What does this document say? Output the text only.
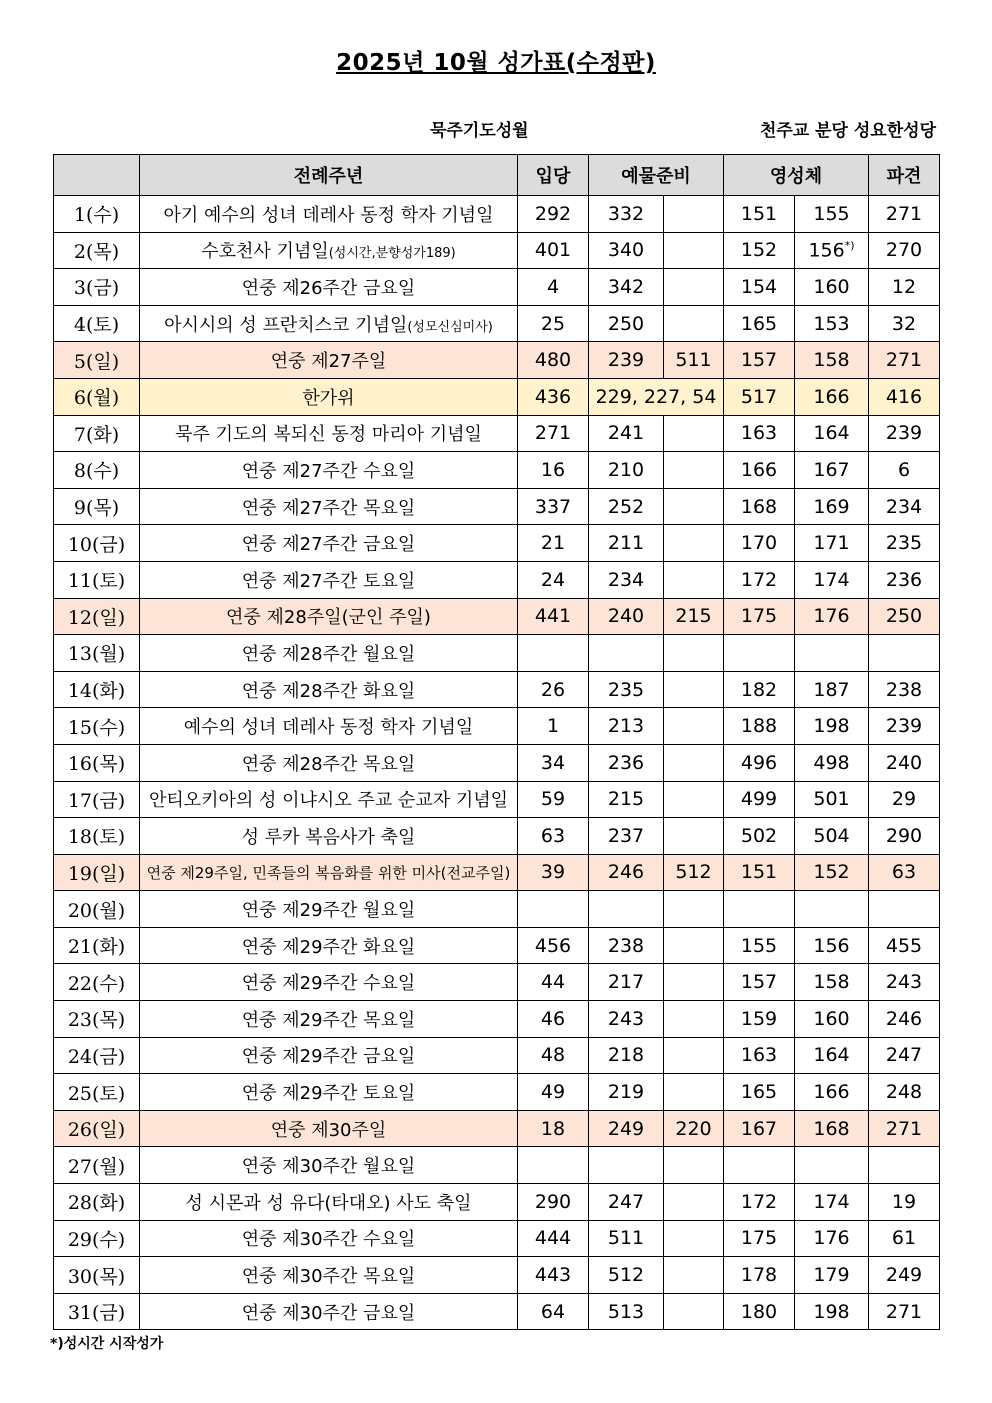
2025년 10월 성가표(수정판)
묵주기도성월	천주교 분당 성요한성당
	전례주년	입당	예물준비		영성체		파견
1(수)	아기 예수의 성녀 데레사 동정 학자 기념일	292	332		151	155	271
2(목)	수호천사 기념일(성시간,분향성가189)	401	340		152	156*)	270
3(금)	연중 제26주간 금요일	4	342		154	160	12
4(토)	아시시의 성 프란치스코 기념일(성모신심미사)	25	250		165	153	32
5(일)	연중 제27주일	480	239	511	157	158	271
6(월)	한가위	436	229, 227, 54		517	166	416
7(화)	묵주 기도의 복되신 동정 마리아 기념일	271	241		163	164	239
8(수)	연중 제27주간 수요일	16	210		166	167	6
9(목)	연중 제27주간 목요일	337	252		168	169	234
10(금)	연중 제27주간 금요일	21	211		170	171	235
11(토)	연중 제27주간 토요일	24	234		172	174	236
12(일)	연중 제28주일(군인 주일)	441	240	215	175	176	250
13(월)	연중 제28주간 월요일						
14(화)	연중 제28주간 화요일	26	235		182	187	238
15(수)	예수의 성녀 데레사 동정 학자 기념일	1	213		188	198	239
16(목)	연중 제28주간 목요일	34	236		496	498	240
17(금)	안티오키아의 성 이냐시오 주교 순교자 기념일	59	215		499	501	29
18(토)	성 루카 복음사가 축일	63	237		502	504	290
19(일)	연중 제29주일, 민족들의 복음화를 위한 미사(전교주일)	39	246	512	151	152	63
20(월)	연중 제29주간 월요일						
21(화)	연중 제29주간 화요일	456	238		155	156	455
22(수)	연중 제29주간 수요일	44	217		157	158	243
23(목)	연중 제29주간 목요일	46	243		159	160	246
24(금)	연중 제29주간 금요일	48	218		163	164	247
25(토)	연중 제29주간 토요일	49	219		165	166	248
26(일)	연중 제30주일	18	249	220	167	168	271
27(월)	연중 제30주간 월요일						
28(화)	성 시몬과 성 유다(타대오) 사도 축일	290	247		172	174	19
29(수)	연중 제30주간 수요일	444	511		175	176	61
30(목)	연중 제30주간 목요일	443	512		178	179	249
31(금)	연중 제30주간 금요일	64	513		180	198	271
*)성시간 시작성가
